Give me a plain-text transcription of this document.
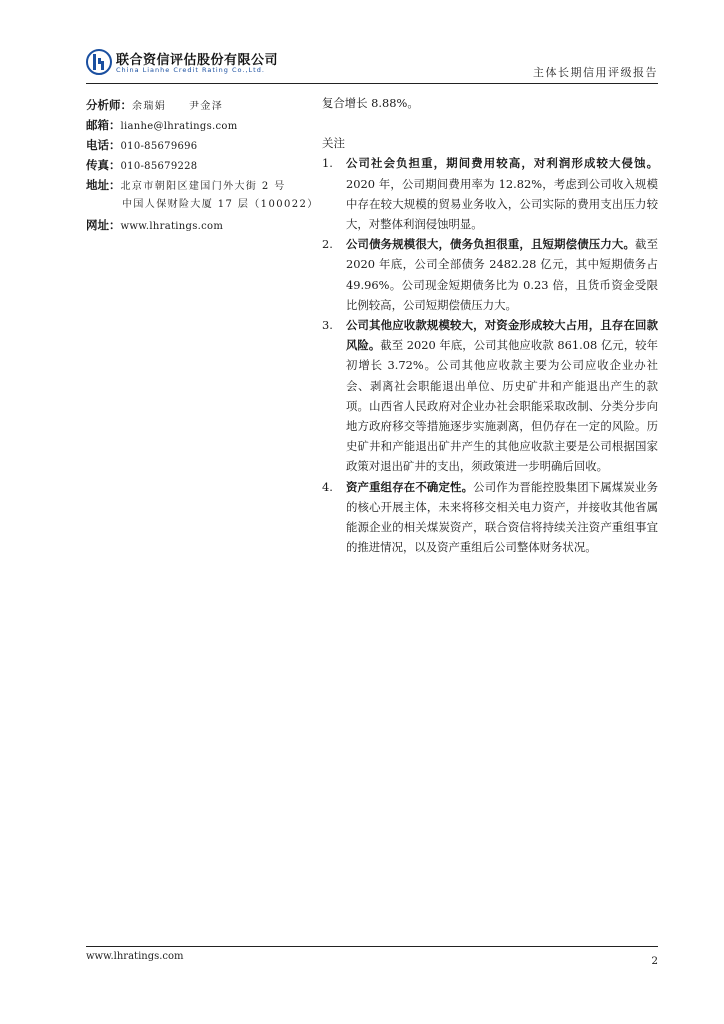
联合资信评估股份有限公司
China Lianhe Credit Rating Co.,Ltd.	主体长期信用评级报告
分析师： 余瑞娟　　尹金泽
邮箱： lianhe@lhratings.com
电话： 010-85679696
传真： 010-85679228
地址： 北京市朝阳区建国门外大街 2 号
中国人保财险大厦 17 层（100022）
网址： www.lhratings.com

复合增长 8.88%。

关注
1. 公司社会负担重，期间费用较高，对利润形成较大侵蚀。2020 年，公司期间费用率为 12.82%，考虑到公司收入规模中存在较大规模的贸易业务收入，公司实际的费用支出压力较大，对整体利润侵蚀明显。
2. 公司债务规模很大，债务负担很重，且短期偿债压力大。截至 2020 年底，公司全部债务 2482.28 亿元，其中短期债务占 49.96%。公司现金短期债务比为 0.23 倍，且货币资金受限比例较高，公司短期偿债压力大。
3. 公司其他应收款规模较大，对资金形成较大占用，且存在回款风险。截至 2020 年底，公司其他应收款 861.08 亿元，较年初增长 3.72%。公司其他应收款主要为公司应收企业办社会、剥离社会职能退出单位、历史矿井和产能退出产生的款项。山西省人民政府对企业办社会职能采取改制、分类分步向地方政府移交等措施逐步实施剥离，但仍存在一定的风险。历史矿井和产能退出矿井产生的其他应收款主要是公司根据国家政策对退出矿井的支出，须政策进一步明确后回收。
4. 资产重组存在不确定性。公司作为晋能控股集团下属煤炭业务的核心开展主体，未来将移交相关电力资产，并接收其他省属能源企业的相关煤炭资产，联合资信将持续关注资产重组事宜的推进情况，以及资产重组后公司整体财务状况。
www.lhratings.com	2
